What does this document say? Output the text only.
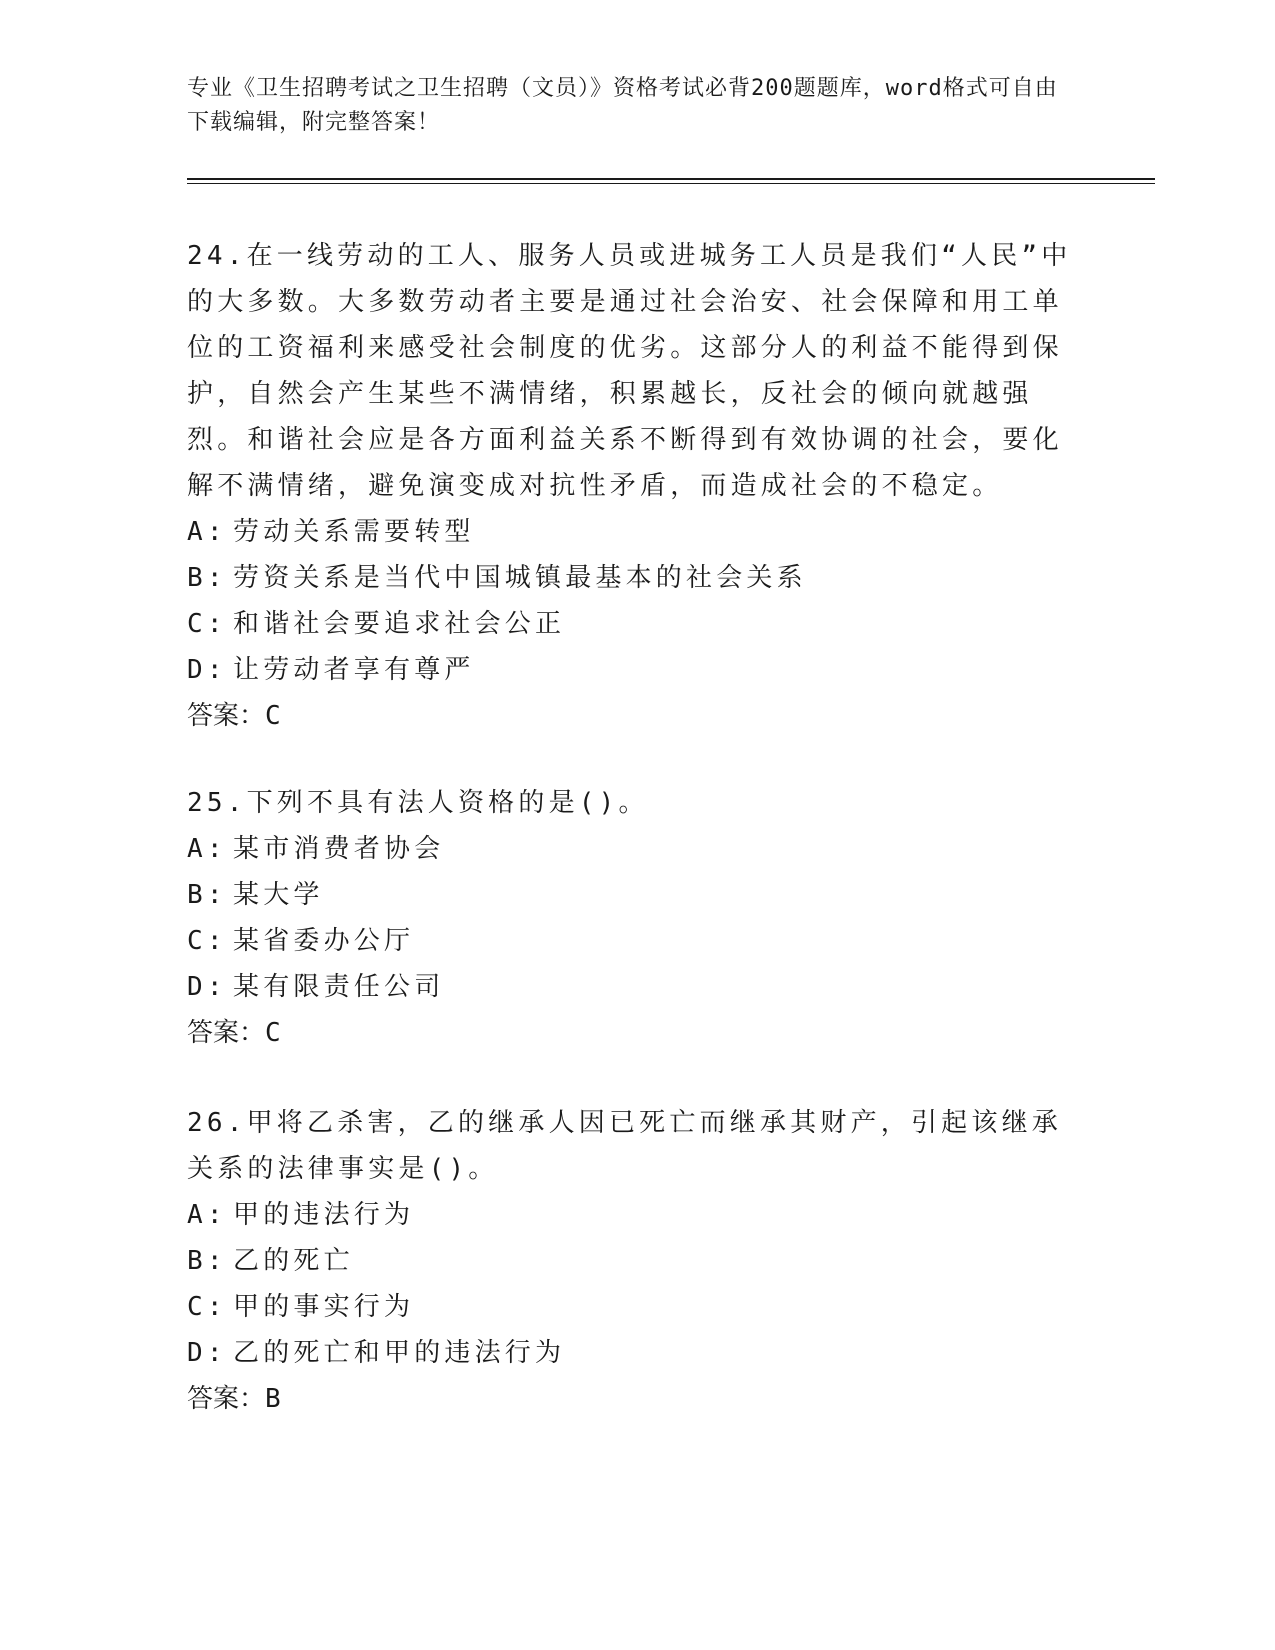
专业《卫生招聘考试之卫生招聘（文员）》资格考试必背200题题库，word格式可自由下载编辑，附完整答案！

24.在一线劳动的工人、服务人员或进城务工人员是我们“人民”中的大多数。大多数劳动者主要是通过社会治安、社会保障和用工单位的工资福利来感受社会制度的优劣。这部分人的利益不能得到保护，自然会产生某些不满情绪，积累越长，反社会的倾向就越强烈。和谐社会应是各方面利益关系不断得到有效协调的社会，要化解不满情绪，避免演变成对抗性矛盾，而造成社会的不稳定。

A: 劳动关系需要转型

B: 劳资关系是当代中国城镇最基本的社会关系

C: 和谐社会要追求社会公正

D: 让劳动者享有尊严

答案：C

25.下列不具有法人资格的是()。

A: 某市消费者协会

B: 某大学

C: 某省委办公厅

D: 某有限责任公司

答案：C

26.甲将乙杀害，乙的继承人因已死亡而继承其财产，引起该继承关系的法律事实是()。

A: 甲的违法行为

B: 乙的死亡

C: 甲的事实行为

D: 乙的死亡和甲的违法行为

答案：B
